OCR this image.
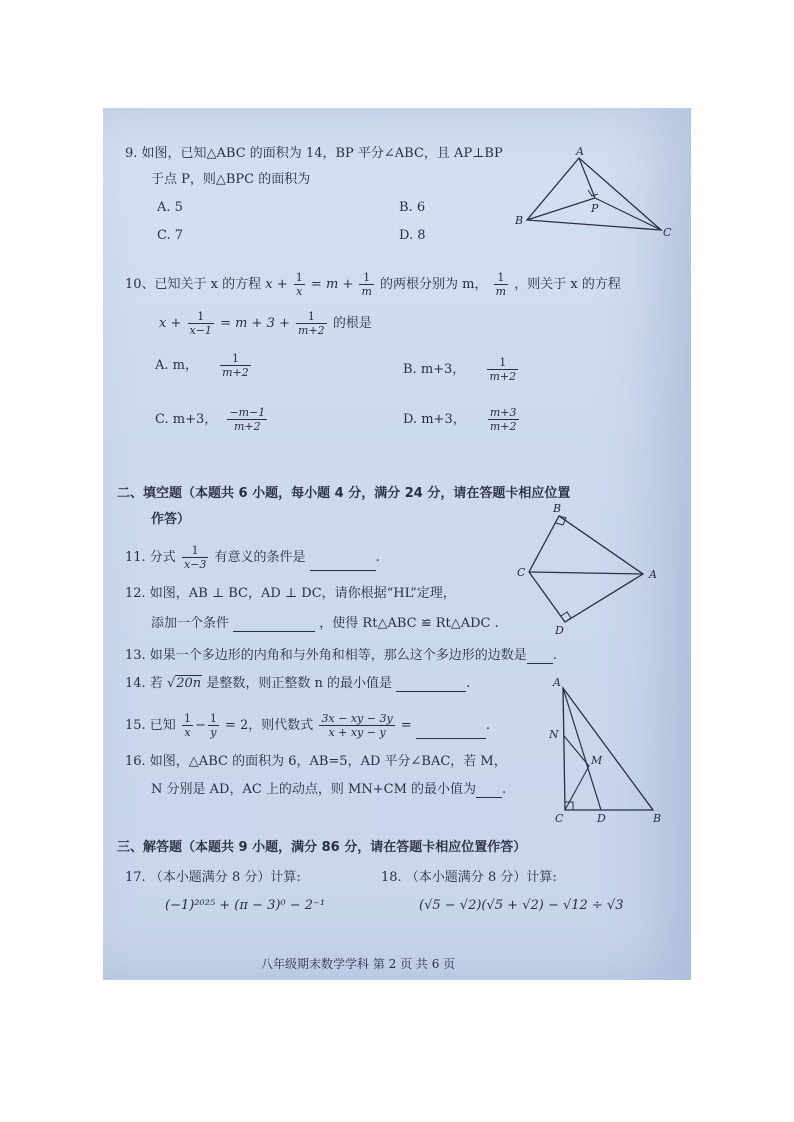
9. 如图，已知△ABC 的面积为 14，BP 平分∠ABC，且 AP⊥BP
于点 P，则△BPC 的面积为
A. 5	B. 6
C. 7	D. 8
A
B
C
P
10、已知关于 x 的方程 $x + \frac{1}{x} = m + \frac{1}{m}$ 的两根分别为 m， $\frac{1}{m}$ ，则关于 x 的方程
$x + \frac{1}{x-1} = m + 3 + \frac{1}{m+2}$ 的根是
A. m， $\frac{1}{m+2}$	B. m+3， $\frac{1}{m+2}$
C. m+3， $\frac{-m-1}{m+2}$	D. m+3， $\frac{m+3}{m+2}$
二、填空题（本题共 6 小题，每小题 4 分，满分 24 分，请在答题卡相应位置
作答）
B
C	A
D
11. 分式 $\frac{1}{x-3}$ 有意义的条件是	.
12. 如图，AB ⊥ BC，AD ⊥ DC，请你根据“HL”定理，
添加一个条件	，使得 Rt△ABC ≌ Rt△ADC .
13. 如果一个多边形的内角和与外角和相等，那么这个多边形的边数是 .
14. 若 √20n 是整数，则正整数 n 的最小值是	.
15. 已知 $\frac{1}{x} - \frac{1}{y} = 2$，则代数式 $\frac{3x - xy - 3y}{x + xy - y}$ =	.
16. 如图，△ABC 的面积为 6，AB=5，AD 平分∠BAC，若 M，
N 分别是 AD，AC 上的动点，则 MN+CM 的最小值为 .
A
N
M
C	D	B
三、解答题（本题共 9 小题，满分 86 分，请在答题卡相应位置作答）
17. （本小题满分 8 分）计算:
(−1)²⁰²⁵ + (π − 3)⁰ − 2⁻¹
18. （本小题满分 8 分）计算:
(√5 − √2)(√5 + √2) − √12 ÷ √3
八年级期末数学学科 第 2 页 共 6 页
